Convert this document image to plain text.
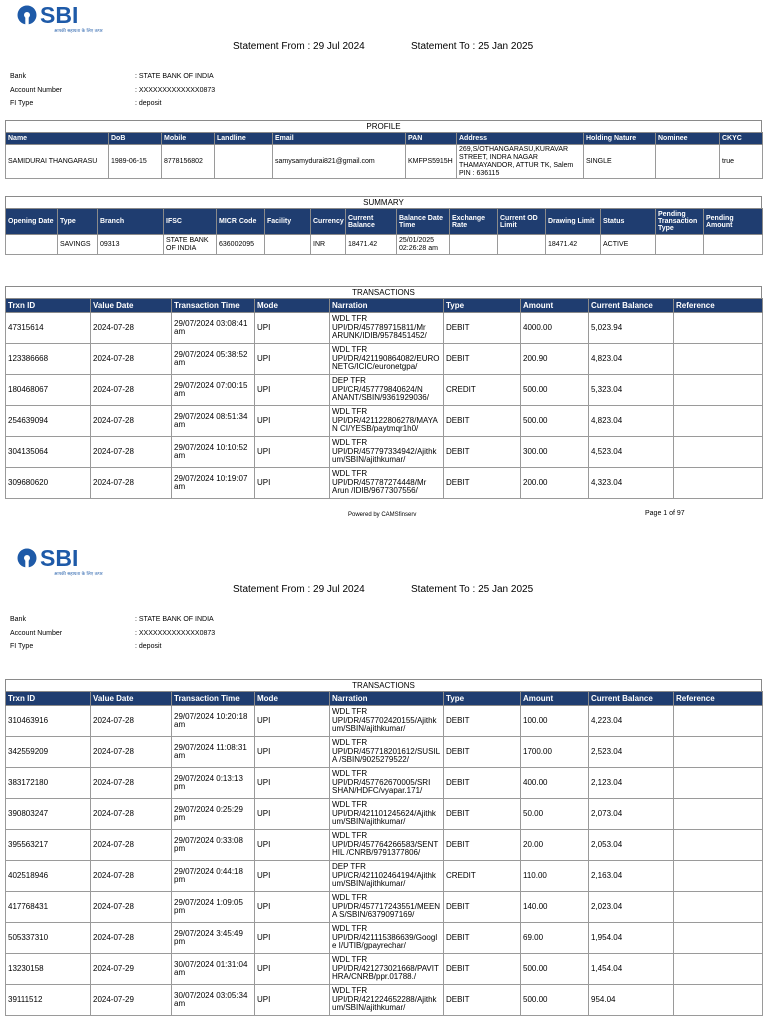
SBI
आपकी सहायता के लिए तत्पर
Statement From : 29 Jul 2024	Statement To : 25 Jan 2025
Bank	: STATE BANK OF INDIA
Account Number	: XXXXXXXXXXXXX0873
FI Type	: deposit
PROFILE
Name	DoB	Mobile	Landline	Email	PAN	Address	Holding Nature	Nominee	CKYC
SAMIDURAI THANGARASU	1989-06-15	8778156802		samysamydurai821@gmail.com	KMFPS5915H	269,S/OTHANGARASU,KURAVAR STREET, INDRA NAGAR THAMAYANDOR, ATTUR TK, Salem PIN : 636115	SINGLE		true
SUMMARY
Opening Date	Type	Branch	IFSC	MICR Code	Facility	Currency	Current Balance	Balance Date Time	Exchange Rate	Current OD Limit	Drawing Limit	Status	Pending Transaction Type	Pending Amount
	SAVINGS	09313	STATE BANK OF INDIA	636002095		INR	18471.42	25/01/2025 02:26:28 am			18471.42	ACTIVE		
TRANSACTIONS
Trxn ID	Value Date	Transaction Time	Mode	Narration	Type	Amount	Current Balance	Reference
47315614	2024-07-28	29/07/2024 03:08:41 am	UPI	WDL TFR UPI/DR/457789715811/Mr ARUNK/IDIB/9578451452/	DEBIT	4000.00	5,023.94	
123386668	2024-07-28	29/07/2024 05:38:52 am	UPI	WDL TFR UPI/DR/421190864082/EURO NETG/ICIC/euronetgpa/	DEBIT	200.90	4,823.04	
180468067	2024-07-28	29/07/2024 07:00:15 am	UPI	DEP TFR UPI/CR/457779840624/N ANANT/SBIN/9361929036/	CREDIT	500.00	5,323.04	
254639094	2024-07-28	29/07/2024 08:51:34 am	UPI	WDL TFR UPI/DR/421122806278/MAYA N CI/YESB/paytmqr1h0/	DEBIT	500.00	4,823.04	
304135064	2024-07-28	29/07/2024 10:10:52 am	UPI	WDL TFR UPI/DR/457797334942/Ajithk um/SBIN/ajithkumar/	DEBIT	300.00	4,523.04	
309680620	2024-07-28	29/07/2024 10:19:07 am	UPI	WDL TFR UPI/DR/457787274448/Mr Arun /IDIB/9677307556/	DEBIT	200.00	4,323.04	
Powered by CAMSfinserv	Page 1 of 97
SBI
आपकी सहायता के लिए तत्पर
Statement From : 29 Jul 2024	Statement To : 25 Jan 2025
Bank	: STATE BANK OF INDIA
Account Number	: XXXXXXXXXXXXX0873
FI Type	: deposit
TRANSACTIONS
Trxn ID	Value Date	Transaction Time	Mode	Narration	Type	Amount	Current Balance	Reference
310463916	2024-07-28	29/07/2024 10:20:18 am	UPI	WDL TFR UPI/DR/457702420155/Ajithk um/SBIN/ajithkumar/	DEBIT	100.00	4,223.04	
342559209	2024-07-28	29/07/2024 11:08:31 am	UPI	WDL TFR UPI/DR/457718201612/SUSIL A /SBIN/9025279522/	DEBIT	1700.00	2,523.04	
383172180	2024-07-28	29/07/2024 0:13:13 pm	UPI	WDL TFR UPI/DR/457762670005/SRI SHAN/HDFC/vyapar.171/	DEBIT	400.00	2,123.04	
390803247	2024-07-28	29/07/2024 0:25:29 pm	UPI	WDL TFR UPI/DR/421101245624/Ajithk um/SBIN/ajithkumar/	DEBIT	50.00	2,073.04	
395563217	2024-07-28	29/07/2024 0:33:08 pm	UPI	WDL TFR UPI/DR/457764266583/SENT HIL /CNRB/9791377806/	DEBIT	20.00	2,053.04	
402518946	2024-07-28	29/07/2024 0:44:18 pm	UPI	DEP TFR UPI/CR/421102464194/Ajithk um/SBIN/ajithkumar/	CREDIT	110.00	2,163.04	
417768431	2024-07-28	29/07/2024 1:09:05 pm	UPI	WDL TFR UPI/DR/457717243551/MEEN A S/SBIN/6379097169/	DEBIT	140.00	2,023.04	
505337310	2024-07-28	29/07/2024 3:45:49 pm	UPI	WDL TFR UPI/DR/421115386639/Googl e I/UTIB/gpayrechar/	DEBIT	69.00	1,954.04	
13230158	2024-07-29	30/07/2024 01:31:04 am	UPI	WDL TFR UPI/DR/421273021668/PAVIT HRA/CNRB/ppr.01788./	DEBIT	500.00	1,454.04	
39111512	2024-07-29	30/07/2024 03:05:34 am	UPI	WDL TFR UPI/DR/421224652288/Ajithk um/SBIN/ajithkumar/	DEBIT	500.00	954.04	
